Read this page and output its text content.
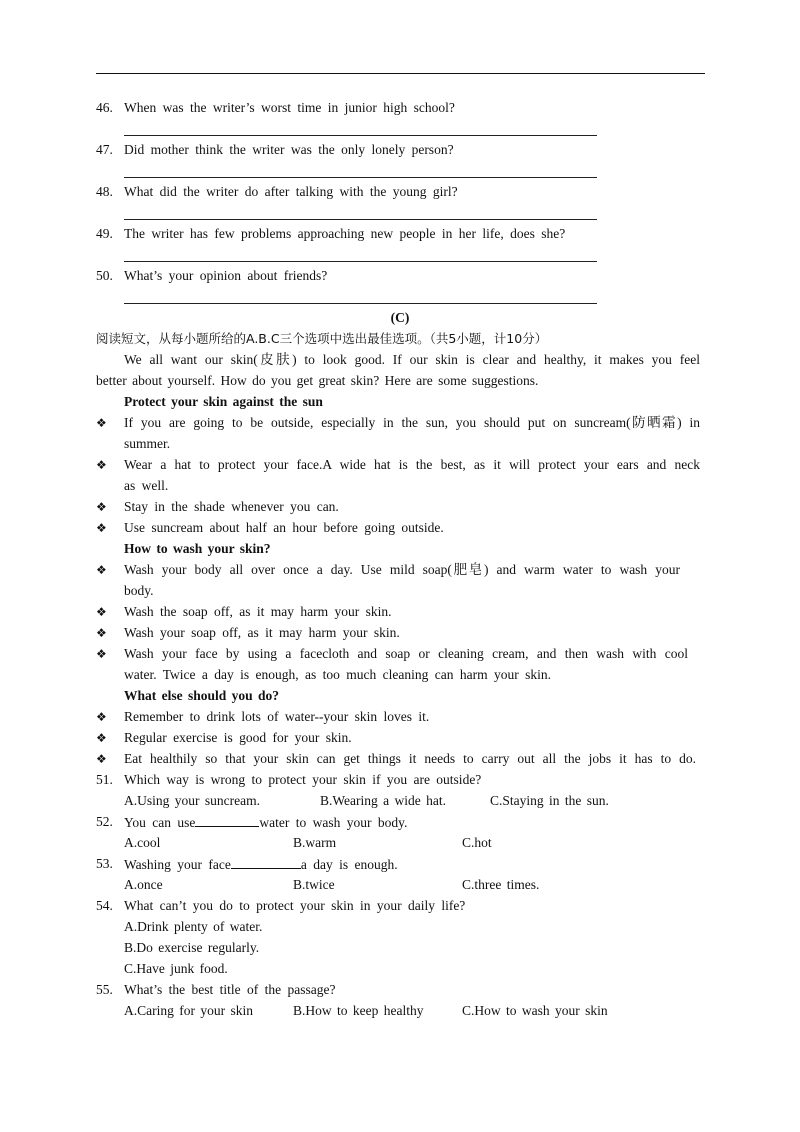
46. When was the writer’s worst time in junior high school?
47. Did mother think the writer was the only lonely person?
48. What did the writer do after talking with the young girl?
49. The writer has few problems approaching new people in her life, does she?
50. What’s your opinion about friends?
(C)
阅读短文，从每小题所给的A.B.C三个选项中选出最佳选项。（共5小题，计10分）
We all want our skin(皮肤) to look good. If our skin is clear and healthy, it makes you feel
better about yourself. How do you get great skin? Here are some suggestions.
Protect your skin against the sun
❖ If you are going to be outside, especially in the sun, you should put on suncream(防晒霜) in
summer.
❖ Wear a hat to protect your face.A wide hat is the best, as it will protect your ears and neck
as well.
❖ Stay in the shade whenever you can.
❖ Use suncream about half an hour before going outside.
How to wash your skin?
❖ Wash your body all over once a day. Use mild soap(肥皂) and warm water to wash your
body.
❖ Wash the soap off, as it may harm your skin.
❖ Wash your soap off, as it may harm your skin.
❖ Wash your face by using a facecloth and soap or cleaning cream, and then wash with cool
water. Twice a day is enough, as too much cleaning can harm your skin.
What else should you do?
❖ Remember to drink lots of water--your skin loves it.
❖ Regular exercise is good for your skin.
❖ Eat healthily so that your skin can get things it needs to carry out all the jobs it has to do.
51. Which way is wrong to protect your skin if you are outside?
A.Using your suncream.	B.Wearing a wide hat.	C.Staying in the sun.
52. You can use	water to wash your body.
A.cool	B.warm	C.hot
53. Washing your face	a day is enough.
A.once	B.twice	C.three times.
54. What can’t you do to protect your skin in your daily life?
A.Drink plenty of water.
B.Do exercise regularly.
C.Have junk food.
55. What’s the best title of the passage?
A.Caring for your skin	B.How to keep healthy	C.How to wash your skin
